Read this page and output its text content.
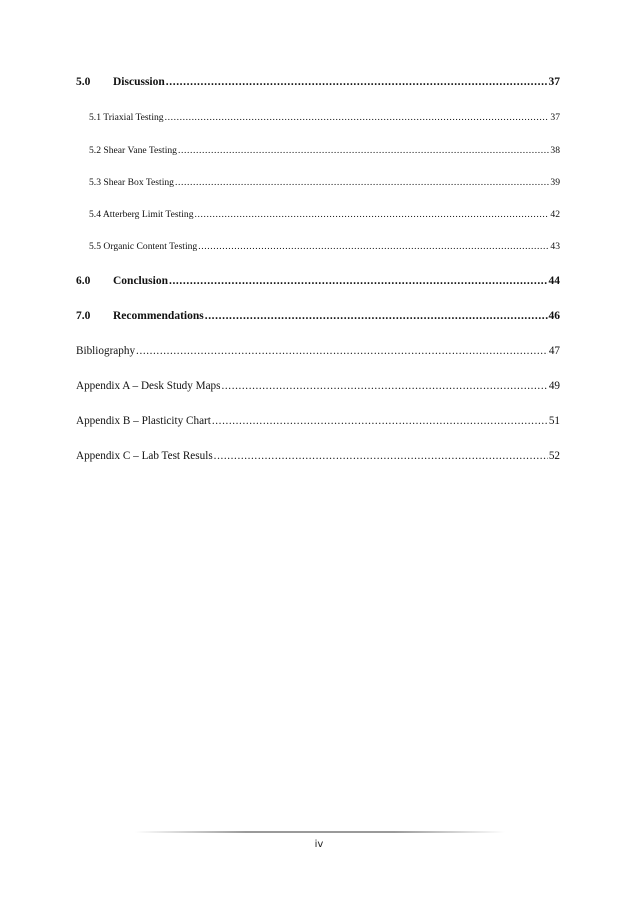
5.0	Discussion .....	37
5.1 Triaxial Testing .....	37
5.2 Shear Vane Testing .....	38
5.3 Shear Box Testing .....	39
5.4 Atterberg Limit Testing .....	42
5.5 Organic Content Testing .....	43
6.0	Conclusion .....	44
7.0	Recommendations .....	46
Bibliography .....	47
Appendix A – Desk Study Maps .....	49
Appendix B – Plasticity Chart .....	51
Appendix C – Lab Test Resuls .....	52
iv
